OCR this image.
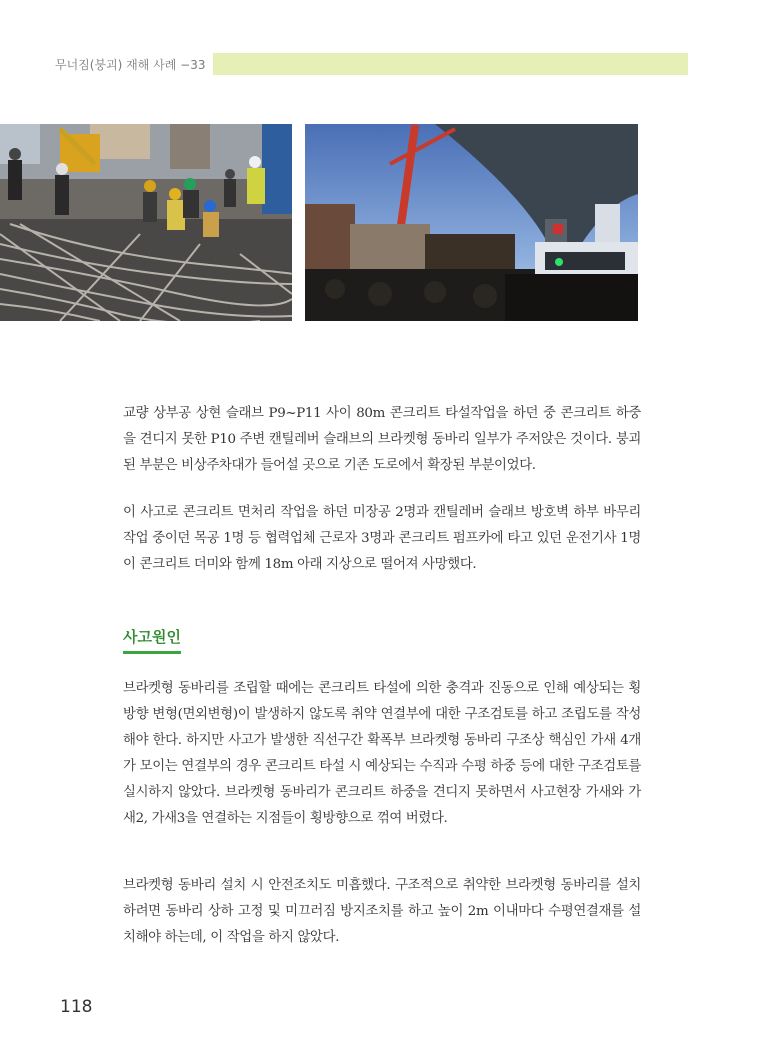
무너짐(붕괴) 재해 사례 −33

교량 상부공 상현 슬래브 P9~P11 사이 80m 콘크리트 타설작업을 하던 중 콘크리트 하중을 견디지 못한 P10 주변 캔틸레버 슬래브의 브라켓형 동바리 일부가 주저앉은 것이다. 붕괴된 부분은 비상주차대가 들어설 곳으로 기존 도로에서 확장된 부분이었다.

이 사고로 콘크리트 면처리 작업을 하던 미장공 2명과 캔틸레버 슬래브 방호벽 하부 바무리 작업 중이던 목공 1명 등 협력업체 근로자 3명과 콘크리트 펌프카에 타고 있던 운전기사 1명이 콘크리트 더미와 함께 18m 아래 지상으로 떨어져 사망했다.

사고원인

브라켓형 동바리를 조립할 때에는 콘크리트 타설에 의한 충격과 진동으로 인해 예상되는 횡방향 변형(면외변형)이 발생하지 않도록 취약 연결부에 대한 구조검토를 하고 조립도를 작성해야 한다. 하지만 사고가 발생한 직선구간 확폭부 브라켓형 동바리 구조상 핵심인 가새 4개가 모이는 연결부의 경우 콘크리트 타설 시 예상되는 수직과 수평 하중 등에 대한 구조검토를 실시하지 않았다. 브라켓형 동바리가 콘크리트 하중을 견디지 못하면서 사고현장 가새와 가새2, 가새3을 연결하는 지점들이 횡방향으로 꺾여 버렸다.

브라켓형 동바리 설치 시 안전조치도 미흡했다. 구조적으로 취약한 브라켓형 동바리를 설치하려면 동바리 상하 고정 및 미끄러짐 방지조치를 하고 높이 2m 이내마다 수평연결재를 설치해야 하는데, 이 작업을 하지 않았다.

118
